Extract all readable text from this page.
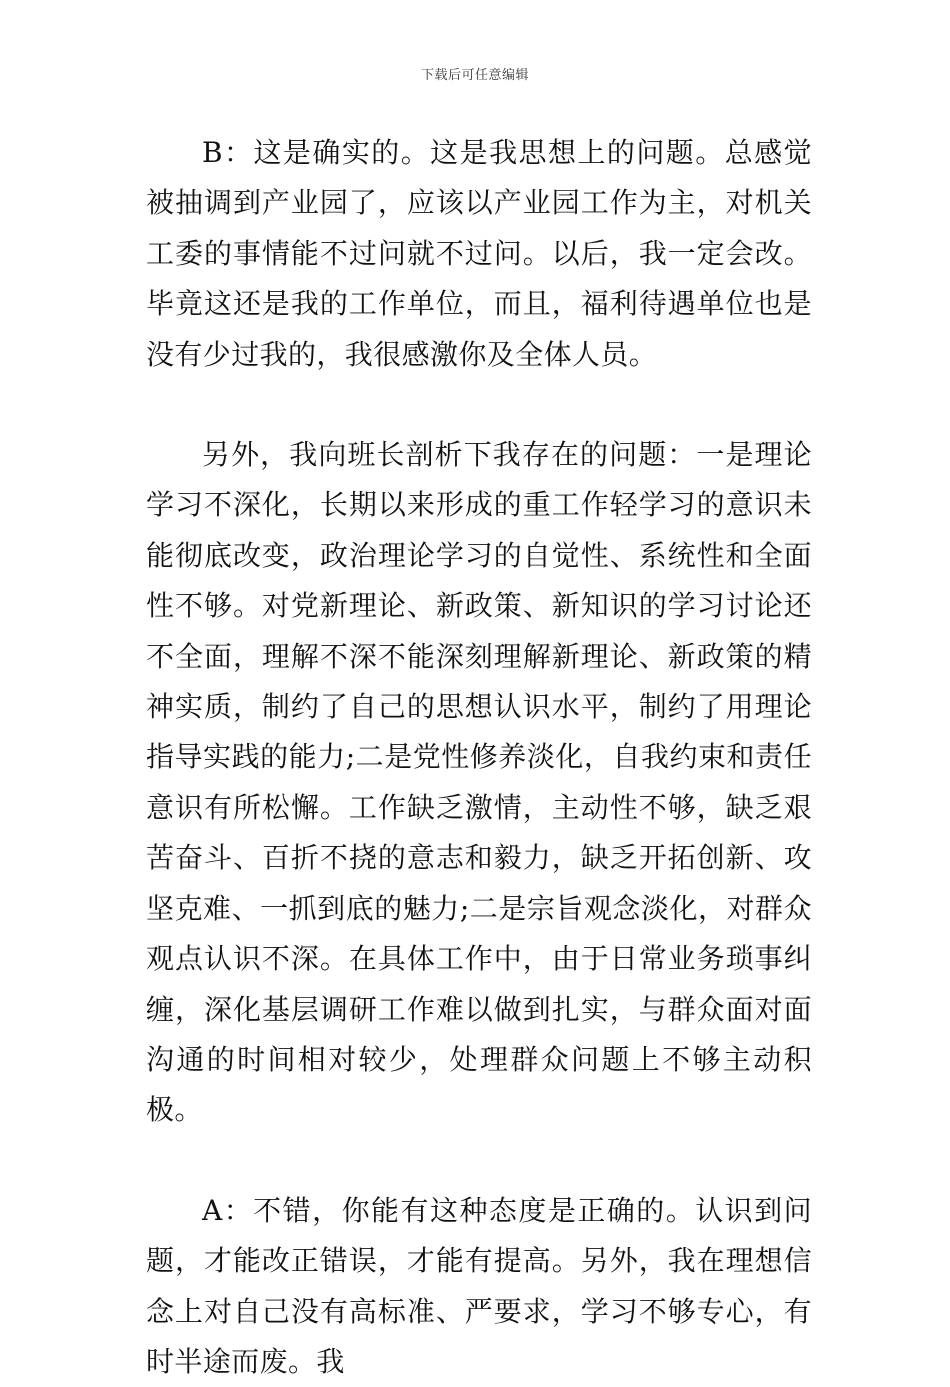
下载后可任意编辑

B：这是确实的。这是我思想上的问题。总感觉被抽调到产业园了，应该以产业园工作为主，对机关工委的事情能不过问就不过问。以后，我一定会改。毕竟这还是我的工作单位，而且，福利待遇单位也是没有少过我的，我很感激你及全体人员。

另外，我向班长剖析下我存在的问题：一是理论学习不深化，长期以来形成的重工作轻学习的意识未能彻底改变，政治理论学习的自觉性、系统性和全面性不够。对党新理论、新政策、新知识的学习讨论还不全面，理解不深不能深刻理解新理论、新政策的精神实质，制约了自己的思想认识水平，制约了用理论指导实践的能力;二是党性修养淡化，自我约束和责任意识有所松懈。工作缺乏激情，主动性不够，缺乏艰苦奋斗、百折不挠的意志和毅力，缺乏开拓创新、攻坚克难、一抓到底的魅力;二是宗旨观念淡化，对群众观点认识不深。在具体工作中，由于日常业务琐事纠缠，深化基层调研工作难以做到扎实，与群众面对面沟通的时间相对较少，处理群众问题上不够主动积极。

A：不错，你能有这种态度是正确的。认识到问题，才能改正错误，才能有提高。另外，我在理想信念上对自己没有高标准、严要求，学习不够专心，有时半途而废。我
